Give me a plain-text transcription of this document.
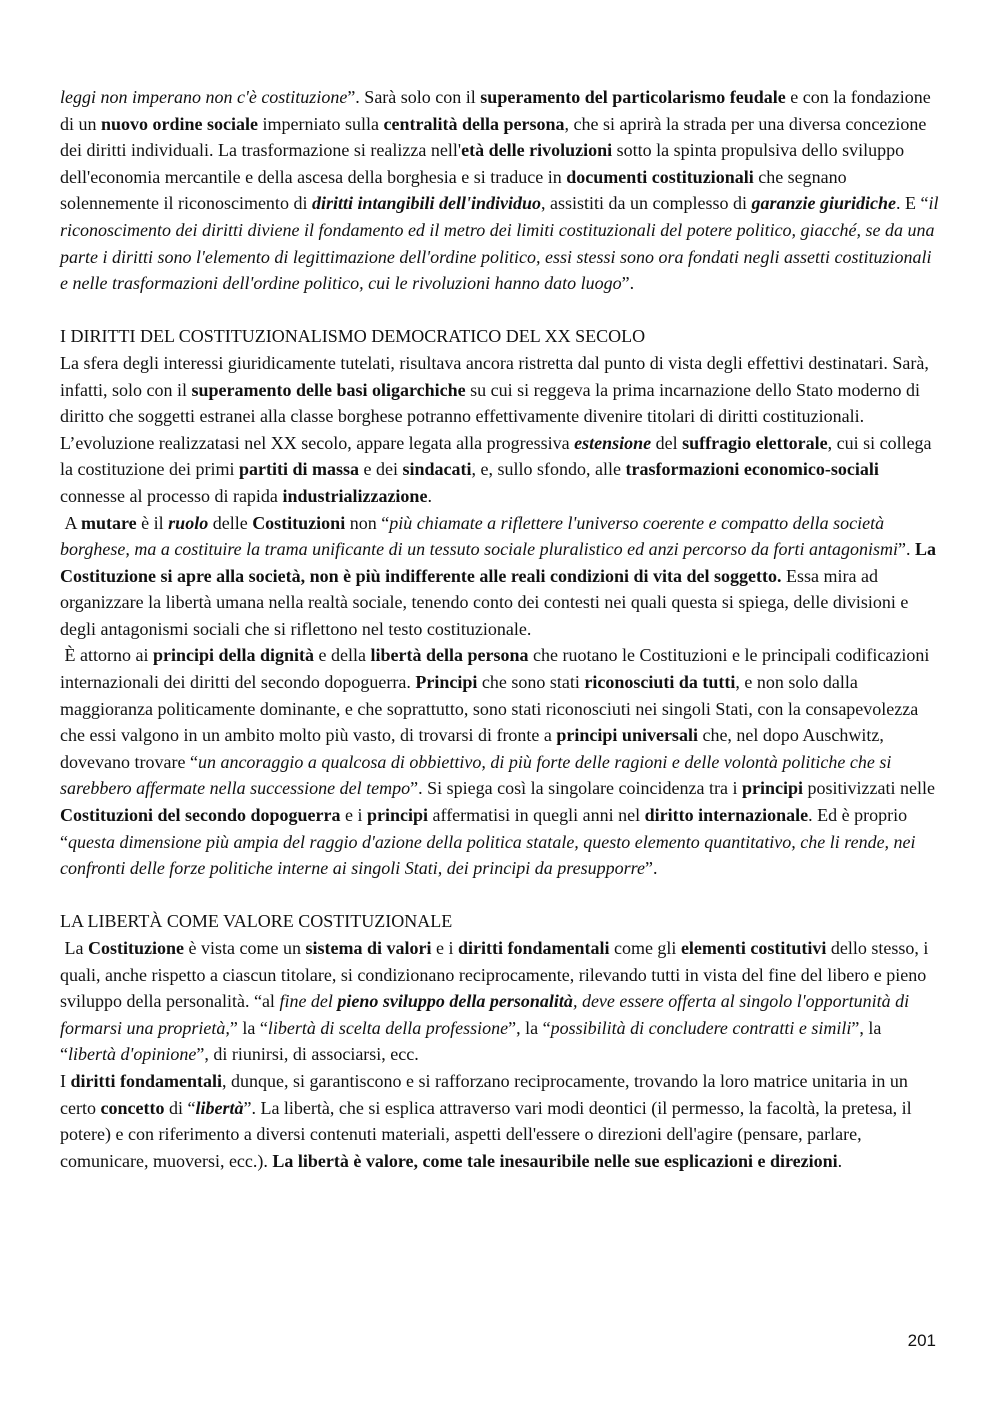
leggi non imperano non c'è costituzione”. Sarà solo con il superamento del particolarismo feudale e con la fondazione di un nuovo ordine sociale imperniato sulla centralità della persona, che si aprirà la strada per una diversa concezione dei diritti individuali. La trasformazione si realizza nell'età delle rivoluzioni sotto la spinta propulsiva dello sviluppo dell'economia mercantile e della ascesa della borghesia e si traduce in documenti costituzionali che segnano solennemente il riconoscimento di diritti intangibili dell'individuo, assistiti da un complesso di garanzie giuridiche. E “il riconoscimento dei diritti diviene il fondamento ed il metro dei limiti costituzionali del potere politico, giacché, se da una parte i diritti sono l'elemento di legittimazione dell'ordine politico, essi stessi sono ora fondati negli assetti costituzionali e nelle trasformazioni dell'ordine politico, cui le rivoluzioni hanno dato luogo”.

I DIRITTI DEL COSTITUZIONALISMO DEMOCRATICO DEL XX SECOLO

La sfera degli interessi giuridicamente tutelati, risultava ancora ristretta dal punto di vista degli effettivi destinatari. Sarà, infatti, solo con il superamento delle basi oligarchiche su cui si reggeva la prima incarnazione dello Stato moderno di diritto che soggetti estranei alla classe borghese potranno effettivamente divenire titolari di diritti costituzionali. L’evoluzione realizzatasi nel XX secolo, appare legata alla progressiva estensione del suffragio elettorale, cui si collega la costituzione dei primi partiti di massa e dei sindacati, e, sullo sfondo, alle trasformazioni economico-sociali connesse al processo di rapida industrializzazione.

A mutare è il ruolo delle Costituzioni non “più chiamate a riflettere l'universo coerente e compatto della società borghese, ma a costituire la trama unificante di un tessuto sociale pluralistico ed anzi percorso da forti antagonismi”. La Costituzione si apre alla società, non è più indifferente alle reali condizioni di vita del soggetto. Essa mira ad organizzare la libertà umana nella realtà sociale, tenendo conto dei contesti nei quali questa si spiega, delle divisioni e degli antagonismi sociali che si riflettono nel testo costituzionale.

È attorno ai principi della dignità e della libertà della persona che ruotano le Costituzioni e le principali codificazioni internazionali dei diritti del secondo dopoguerra. Principi che sono stati riconosciuti da tutti, e non solo dalla maggioranza politicamente dominante, e che soprattutto, sono stati riconosciuti nei singoli Stati, con la consapevolezza che essi valgono in un ambito molto più vasto, di trovarsi di fronte a principi universali che, nel dopo Auschwitz, dovevano trovare “un ancoraggio a qualcosa di obbiettivo, di più forte delle ragioni e delle volontà politiche che si sarebbero affermate nella successione del tempo”. Si spiega così la singolare coincidenza tra i principi positivizzati nelle Costituzioni del secondo dopoguerra e i principi affermatisi in quegli anni nel diritto internazionale. Ed è proprio “questa dimensione più ampia del raggio d'azione della politica statale, questo elemento quantitativo, che li rende, nei confronti delle forze politiche interne ai singoli Stati, dei principi da presupporre”.

LA LIBERTÀ COME VALORE COSTITUZIONALE

La Costituzione è vista come un sistema di valori e i diritti fondamentali come gli elementi costitutivi dello stesso, i quali, anche rispetto a ciascun titolare, si condizionano reciprocamente, rilevando tutti in vista del fine del libero e pieno sviluppo della personalità. “al fine del pieno sviluppo della personalità, deve essere offerta al singolo l'opportunità di formarsi una proprietà,” la “libertà di scelta della professione”, la “possibilità di concludere contratti e simili”, la “libertà d'opinione”, di riunirsi, di associarsi, ecc.

I diritti fondamentali, dunque, si garantiscono e si rafforzano reciprocamente, trovando la loro matrice unitaria in un certo concetto di “libertà”. La libertà, che si esplica attraverso vari modi deontici (il permesso, la facoltà, la pretesa, il potere) e con riferimento a diversi contenuti materiali, aspetti dell'essere o direzioni dell'agire (pensare, parlare, comunicare, muoversi, ecc.). La libertà è valore, come tale inesauribile nelle sue esplicazioni e direzioni.

201
